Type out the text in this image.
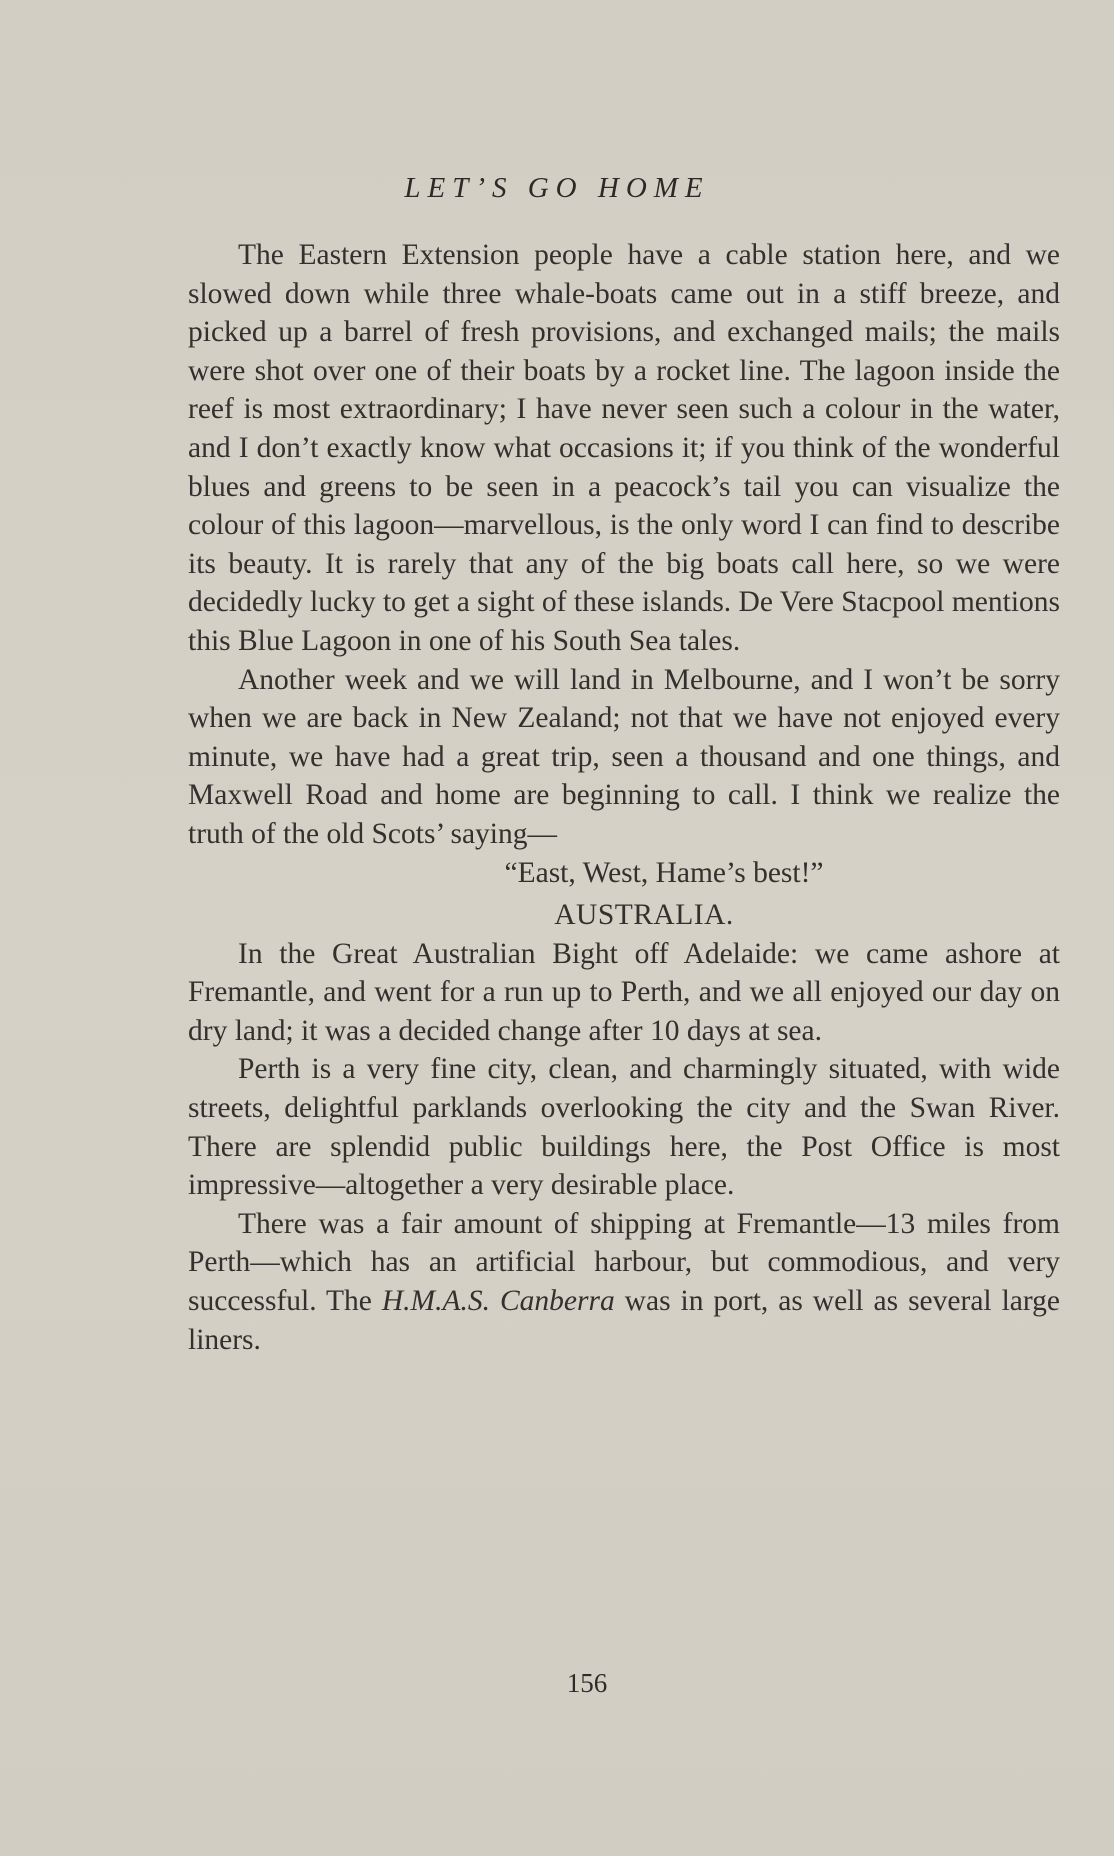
LET’S GO HOME

The Eastern Extension people have a cable station here, and we slowed down while three whale-boats came out in a stiff breeze, and picked up a barrel of fresh provisions, and exchanged mails; the mails were shot over one of their boats by a rocket line. The lagoon inside the reef is most extraordinary; I have never seen such a colour in the water, and I don’t exactly know what occasions it; if you think of the wonderful blues and greens to be seen in a peacock’s tail you can visualize the colour of this lagoon—marvellous, is the only word I can find to describe its beauty. It is rarely that any of the big boats call here, so we were decidedly lucky to get a sight of these islands. De Vere Stacpool mentions this Blue Lagoon in one of his South Sea tales.

Another week and we will land in Melbourne, and I won’t be sorry when we are back in New Zealand; not that we have not enjoyed every minute, we have had a great trip, seen a thousand and one things, and Maxwell Road and home are beginning to call. I think we realize the truth of the old Scots’ saying—

“East, West, Hame’s best!”

AUSTRALIA.

In the Great Australian Bight off Adelaide: we came ashore at Fremantle, and went for a run up to Perth, and we all enjoyed our day on dry land; it was a decided change after 10 days at sea.

Perth is a very fine city, clean, and charmingly situated, with wide streets, delightful parklands overlooking the city and the Swan River. There are splendid public buildings here, the Post Office is most impressive—altogether a very desirable place.

There was a fair amount of shipping at Fremantle—13 miles from Perth—which has an artificial harbour, but commodious, and very successful. The H.M.A.S. Canberra was in port, as well as several large liners.

156
